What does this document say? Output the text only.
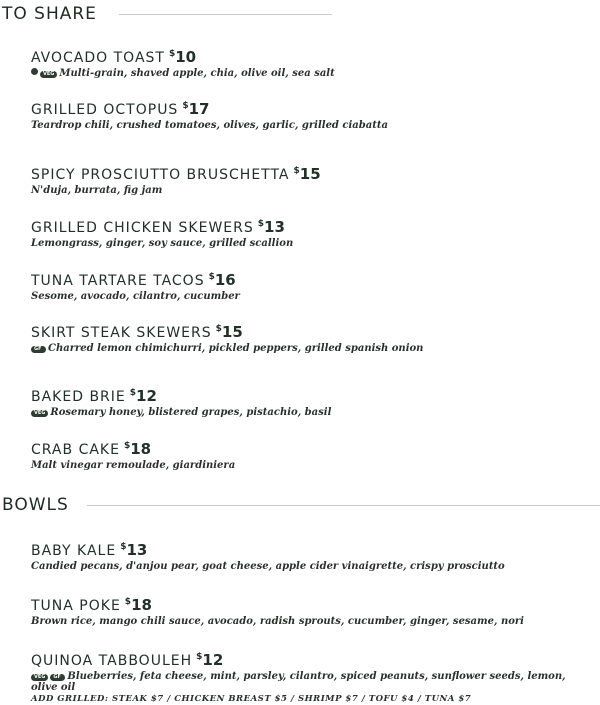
TO SHARE
AVOCADO TOAST $10
VEG Multi-grain, shaved apple, chia, olive oil, sea salt
GRILLED OCTOPUS $17
Teardrop chili, crushed tomatoes, olives, garlic, grilled ciabatta
SPICY PROSCIUTTO BRUSCHETTA $15
N'duja, burrata, fig jam
GRILLED CHICKEN SKEWERS $13
Lemongrass, ginger, soy sauce, grilled scallion
TUNA TARTARE TACOS $16
Sesome, avocado, cilantro, cucumber
SKIRT STEAK SKEWERS $15
GF Charred lemon chimichurri, pickled peppers, grilled spanish onion
BAKED BRIE $12
VEG Rosemary honey, blistered grapes, pistachio, basil
CRAB CAKE $18
Malt vinegar remoulade, giardiniera
BOWLS
BABY KALE $13
Candied pecans, d'anjou pear, goat cheese, apple cider vinaigrette, crispy prosciutto
TUNA POKE $18
Brown rice, mango chili sauce, avocado, radish sprouts, cucumber, ginger, sesame, nori
QUINOA TABBOULEH $12
VEG GF Blueberries, feta cheese, mint, parsley, cilantro, spiced peanuts, sunflower seeds, lemon, olive oil
ADD GRILLED: STEAK $7 / CHICKEN BREAST $5 / SHRIMP $7 / TOFU $4 / TUNA $7
